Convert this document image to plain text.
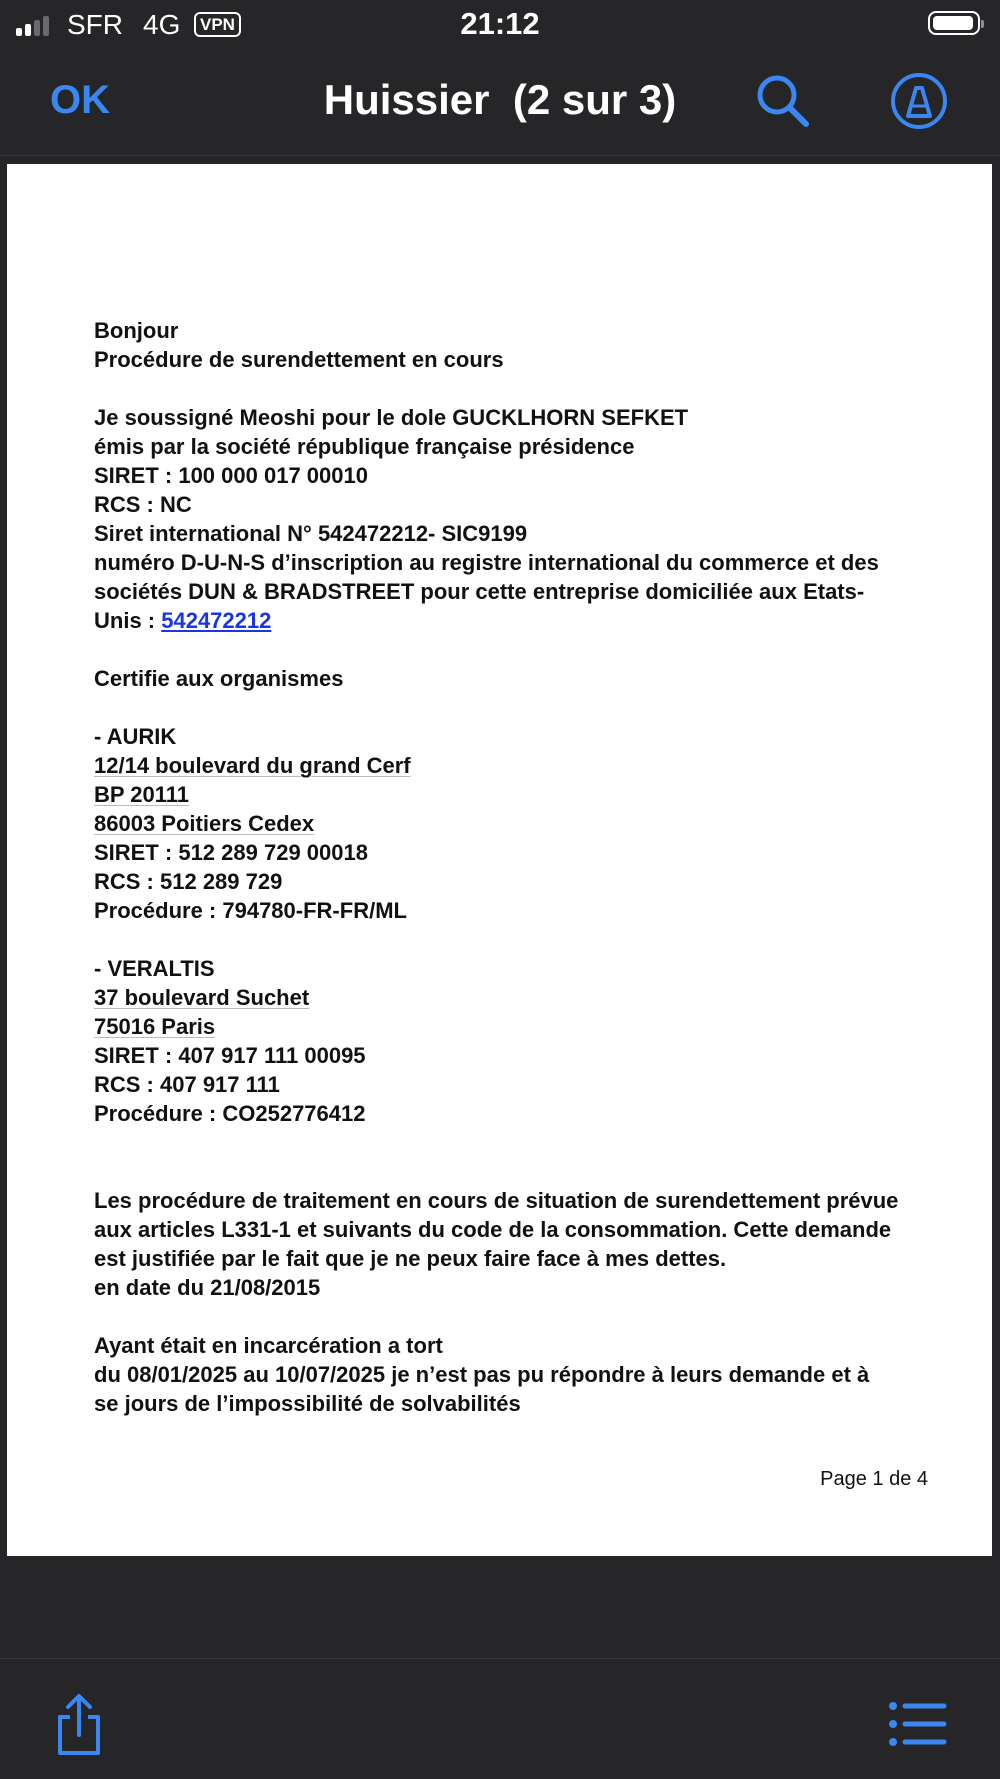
SFR 4G	VPN	21:12
OK	Huissier  (2 sur 3)
Bonjour
Procédure de surendettement en cours
Je soussigné Meoshi pour le dole GUCKLHORN SEFKET
émis par la société république française présidence
SIRET : 100 000 017 00010
RCS : NC
Siret international N° 542472212- SIC9199
numéro D-U-N-S d’inscription au registre international du commerce et des
sociétés DUN & BRADSTREET pour cette entreprise domiciliée aux Etats-
Unis : 542472212
Certifie aux organismes
- AURIK
12/14 boulevard du grand Cerf
BP 20111
86003 Poitiers Cedex
SIRET : 512 289 729 00018
RCS : 512 289 729
Procédure : 794780-FR-FR/ML
- VERALTIS
37 boulevard Suchet
75016 Paris
SIRET : 407 917 111 00095
RCS : 407 917 111
Procédure : CO252776412
Les procédure de traitement en cours de situation de surendettement prévue
aux articles L331-1 et suivants du code de la consommation. Cette demande
est justifiée par le fait que je ne peux faire face à mes dettes.
en date du 21/08/2015
Ayant était en incarcération a tort
du 08/01/2025 au 10/07/2025 je n’est pas pu répondre à leurs demande et à
se jours de l’impossibilité de solvabilités
Page 1 de 4
